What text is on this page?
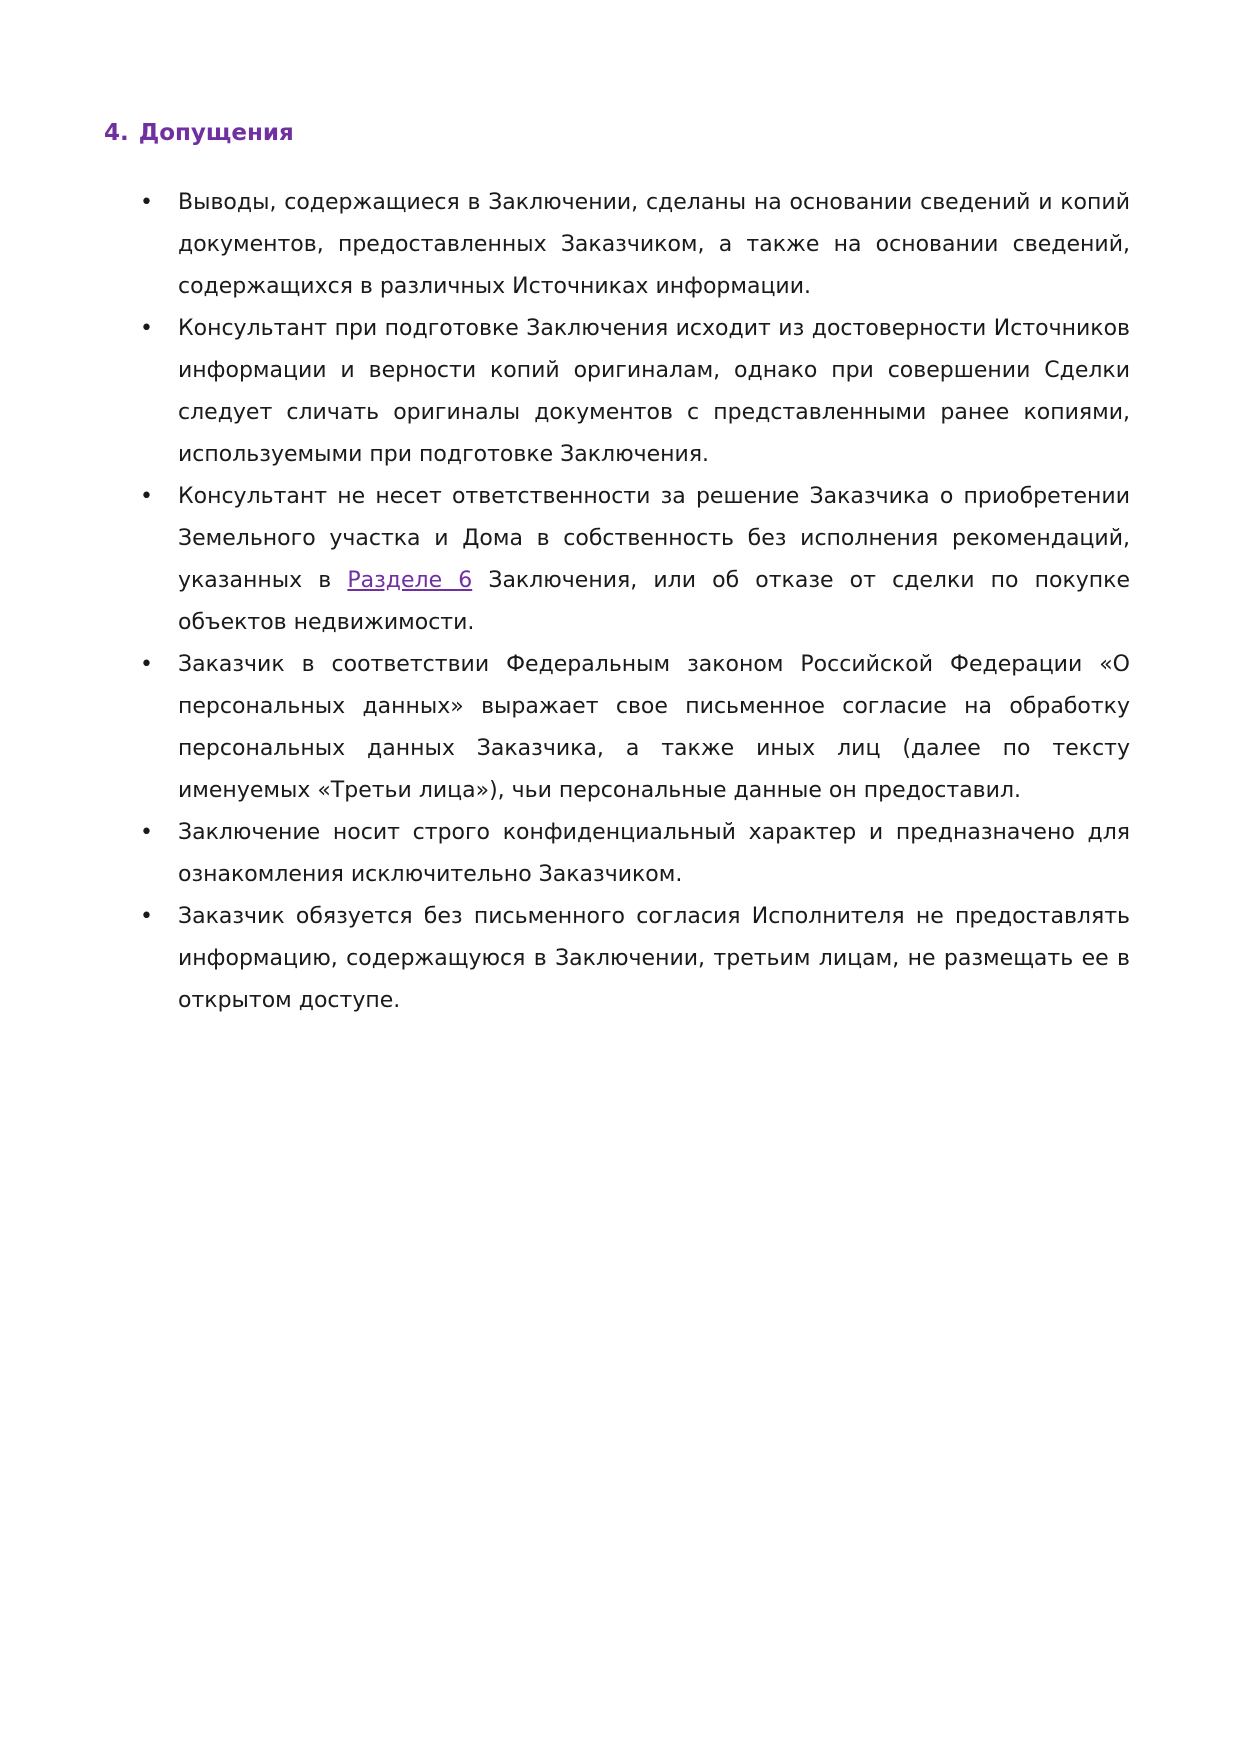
4. Допущения
•	Выводы, содержащиеся в Заключении, сделаны на основании сведений и копий документов, предоставленных Заказчиком, а также на основании сведений, содержащихся в различных Источниках информации.
•	Консультант при подготовке Заключения исходит из достоверности Источников информации и верности копий оригиналам, однако при совершении Сделки следует сличать оригиналы документов с представленными ранее копиями, используемыми при подготовке Заключения.
•	Консультант не несет ответственности за решение Заказчика о приобретении Земельного участка и Дома в собственность без исполнения рекомендаций, указанных в Разделе 6 Заключения, или об отказе от сделки по покупке объектов недвижимости.
•	Заказчик в соответствии Федеральным законом Российской Федерации «О персональных данных» выражает свое письменное согласие на обработку персональных данных Заказчика, а также иных лиц (далее по тексту именуемых «Третьи лица»), чьи персональные данные он предоставил.
•	Заключение носит строго конфиденциальный характер и предназначено для ознакомления исключительно Заказчиком.
•	Заказчик обязуется без письменного согласия Исполнителя не предоставлять информацию, содержащуюся в Заключении, третьим лицам, не размещать ее в открытом доступе.
